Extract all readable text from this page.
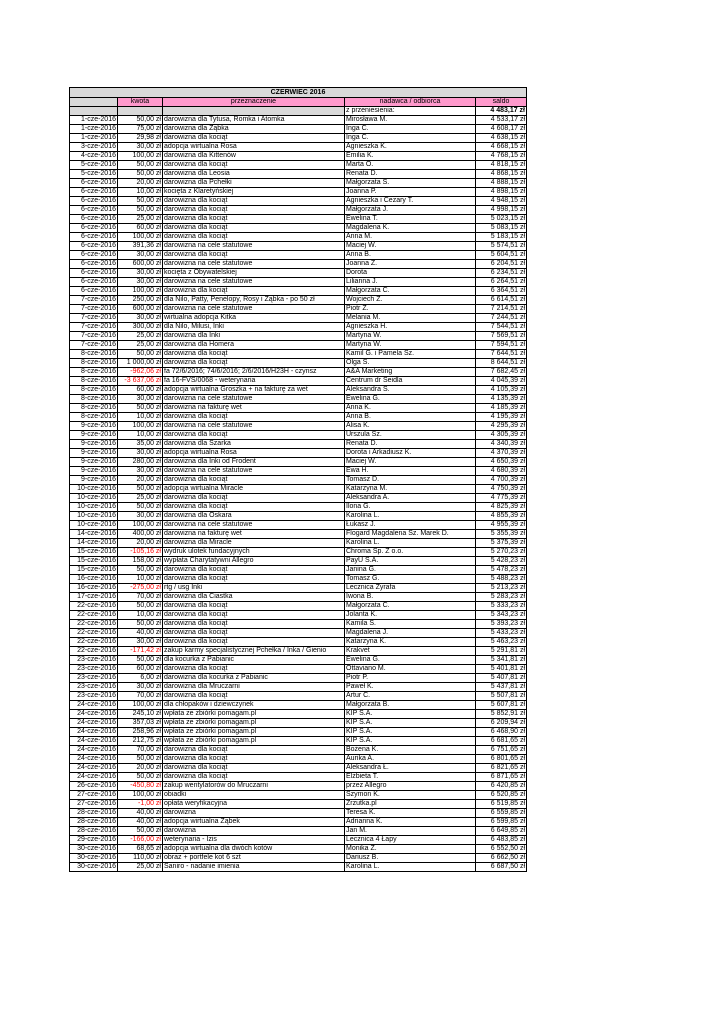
CZERWIEC 2016				
	kwota	przeznaczenie	nadawca / odbiorca	saldo
			z przeniesienia:	4 483,17 zł
1-cze-2016	50,00 zł	darowizna dla Tytusa, Romka i Atomka	Mirosława M.	4 533,17 zł
1-cze-2016	75,00 zł	darowizna dla Ząbka	Inga C.	4 608,17 zł
1-cze-2016	29,98 zł	darowizna dla kociąt	Inga C.	4 638,15 zł
3-cze-2016	30,00 zł	adopcja wirtualna Rosa	Agnieszka K.	4 668,15 zł
4-cze-2016	100,00 zł	darowizna dla Kittenów	Emilia K.	4 768,15 zł
5-cze-2016	50,00 zł	darowizna dla kociąt	Marta O.	4 818,15 zł
5-cze-2016	50,00 zł	darowizna dla Leosia	Renata D.	4 868,15 zł
6-cze-2016	20,00 zł	darowizna dla Pchełki	Małgorzata S.	4 888,15 zł
6-cze-2016	10,00 zł	kocięta z Klaretyńskiej	Joanna P.	4 898,15 zł
6-cze-2016	50,00 zł	darowizna dla kociąt	Agnieszka i Cezary T.	4 948,15 zł
6-cze-2016	50,00 zł	darowizna dla kociąt	Małgorzata J.	4 998,15 zł
6-cze-2016	25,00 zł	darowizna dla kociąt	Ewelina T.	5 023,15 zł
6-cze-2016	60,00 zł	darowizna dla kociąt	Magdalena K.	5 083,15 zł
6-cze-2016	100,00 zł	darowizna dla kociąt	Anna M.	5 183,15 zł
6-cze-2016	391,36 zł	darowizna na cele statutowe	Maciej W.	5 574,51 zł
6-cze-2016	30,00 zł	darowizna dla kociąt	Anna B.	5 604,51 zł
6-cze-2016	600,00 zł	darowizna na cele statutowe	Joanna Z.	6 204,51 zł
6-cze-2016	30,00 zł	kocięta z Obywatelskiej	Dorota	6 234,51 zł
6-cze-2016	30,00 zł	darowizna na cele statutowe	Lilianna J.	6 264,51 zł
6-cze-2016	100,00 zł	darowizna dla kociąt	Małgorzata C.	6 364,51 zł
7-cze-2016	250,00 zł	dla Nilo, Patty, Penelopy, Rosy i Ząbka - po 50 zł	Wojciech Z.	6 614,51 zł
7-cze-2016	600,00 zł	darowizna na cele statutowe	Piotr Z.	7 214,51 zł
7-cze-2016	30,00 zł	wirtualna adopcja Kitka	Melania M.	7 244,51 zł
7-cze-2016	300,00 zł	dla Nilo, Milusi, Inki	Agnieszka H.	7 544,51 zł
7-cze-2016	25,00 zł	darowizna dla Inki	Martyna W.	7 569,51 zł
7-cze-2016	25,00 zł	darowizna dla Homera	Martyna W.	7 594,51 zł
8-cze-2016	50,00 zł	darowizna dla kociąt	Kamil G. i Pamela Sz.	7 644,51 zł
8-cze-2016	1 000,00 zł	darowizna dla kociąt	Olga S.	8 644,51 zł
8-cze-2016	-962,06 zł	fa 72/6/2016; 74/6/2016; 2/6/2016/H23H - czynsz	A&A Marketing	7 682,45 zł
8-cze-2016	-3 637,06 zł	fa 16-FVS/0068 - weterynaria	Centrum dr Seidla	4 045,39 zł
8-cze-2016	60,00 zł	adopcja wirtualna Groszka + na fakturę za wet	Aleksandra S.	4 105,39 zł
8-cze-2016	30,00 zł	darowizna na cele statutowe	Ewelina G.	4 135,39 zł
8-cze-2016	50,00 zł	darowizna na fakturę wet	Anna K.	4 185,39 zł
8-cze-2016	10,00 zł	darowizna dla kociąt	Anna B.	4 195,39 zł
9-cze-2016	100,00 zł	darowizna na cele statutowe	Alisa K.	4 295,39 zł
9-cze-2016	10,00 zł	darowizna dla kociąt	Urszula Sz.	4 305,39 zł
9-cze-2016	35,00 zł	darowizna dla Szarka	Renata D.	4 340,39 zł
9-cze-2016	30,00 zł	adopcja wirtualna Rosa	Dorota i Arkadiusz K.	4 370,39 zł
9-cze-2016	280,00 zł	darowizna dla Inki od Frodent	Maciej W.	4 650,39 zł
9-cze-2016	30,00 zł	darowizna na cele statutowe	Ewa H.	4 680,39 zł
9-cze-2016	20,00 zł	darowizna dla kociąt	Tomasz D.	4 700,39 zł
10-cze-2016	50,00 zł	adopcja wirtualna Miracle	Katarzyna M.	4 750,39 zł
10-cze-2016	25,00 zł	darowizna dla kociąt	Aleksandra A.	4 775,39 zł
10-cze-2016	50,00 zł	darowizna dla kociąt	Ilona G.	4 825,39 zł
10-cze-2016	30,00 zł	darowizna dla Oskara	Karolina L.	4 855,39 zł
10-cze-2016	100,00 zł	darowizna na cele statutowe	Łukasz J.	4 955,39 zł
14-cze-2016	400,00 zł	darowizna na fakturę wet	Flogard Magdalena Sz. Marek D.	5 355,39 zł
14-cze-2016	20,00 zł	darowizna dla Miracle	Karolina L.	5 375,39 zł
15-cze-2016	-105,16 zł	wydruk ulotek fundacyjnych	Chroma Sp. Z o.o.	5 270,23 zł
15-cze-2016	158,00 zł	wypłata Charytatywni Allegro	PayU S.A.	5 428,23 zł
15-cze-2016	50,00 zł	darowizna dla kociąt	Janina G.	5 478,23 zł
16-cze-2016	10,00 zł	darowizna dla kociąt	Tomasz G.	5 488,23 zł
16-cze-2016	-275,00 zł	rtg / usg Inki	Lecznica Żyrafa	5 213,23 zł
17-cze-2016	70,00 zł	darowizna dla Ciastka	Iwona B.	5 283,23 zł
22-cze-2016	50,00 zł	darowizna dla kociąt	Małgorzata C.	5 333,23 zł
22-cze-2016	10,00 zł	darowizna dla kociąt	Jolanta K.	5 343,23 zł
22-cze-2016	50,00 zł	darowizna dla kociąt	Kamila S.	5 393,23 zł
22-cze-2016	40,00 zł	darowizna dla kociąt	Magdalena J.	5 433,23 zł
22-cze-2016	30,00 zł	darowizna dla kociąt	Katarzyna K.	5 463,23 zł
22-cze-2016	-171,42 zł	zakup karmy specjalistycznej Pchełka / Inka / Gienio	Krakvet	5 291,81 zł
23-cze-2016	50,00 zł	dla kocurka z Pabianic	Ewelina G.	5 341,81 zł
23-cze-2016	60,00 zł	darowizna dla kociąt	Ottaviano M.	5 401,81 zł
23-cze-2016	6,00 zł	darowizna dla kocurka z Pabianic	Piotr P.	5 407,81 zł
23-cze-2016	30,00 zł	darowizna dla Mruczarni	Paweł K.	5 437,81 zł
23-cze-2016	70,00 zł	darowizna dla kociąt	Artur C.	5 507,81 zł
24-cze-2016	100,00 zł	dla chłopaków i dziewczynek	Małgorzata B.	5 607,81 zł
24-cze-2016	245,10 zł	wpłata ze zbiórki pomagam.pl	KIP S.A.	5 852,91 zł
24-cze-2016	357,03 zł	wpłata ze zbiórki pomagam.pl	KIP S.A.	6 209,94 zł
24-cze-2016	258,96 zł	wpłata ze zbiórki pomagam.pl	KIP S.A.	6 468,90 zł
24-cze-2016	212,75 zł	wpłata ze zbiórki pomagam.pl	KIP S.A.	6 681,65 zł
24-cze-2016	70,00 zł	darowizna dla kociąt	Bożena K.	6 751,65 zł
24-cze-2016	50,00 zł	darowizna dla kociąt	Aurika A.	6 801,65 zł
24-cze-2016	20,00 zł	darowizna dla kociąt	Aleksandra Ł.	6 821,65 zł
24-cze-2016	50,00 zł	darowizna dla kociąt	Elżbieta T.	6 871,65 zł
26-cze-2016	-450,80 zł	zakup wentylatorów do Mruczarni	przez Allegro	6 420,85 zł
27-cze-2016	100,00 zł	obiadki	Szymon K.	6 520,85 zł
27-cze-2016	-1,00 zł	opłata weryfikacyjna	Zrzutka.pl	6 519,85 zł
28-cze-2016	40,00 zł	darowizna	Teresa K.	6 559,85 zł
28-cze-2016	40,00 zł	adopcja wirtualna Ząbek	Adrianna K.	6 599,85 zł
28-cze-2016	50,00 zł	darowizna	Jan M.	6 649,85 zł
29-cze-2016	-166,00 zł	weterynaria - Izis	Lecznica 4 Łapy	6 483,85 zł
30-cze-2016	68,65 zł	adopcja wirtualna dla dwóch kotów	Monika Z.	6 552,50 zł
30-cze-2016	110,00 zł	obraz + portfele kot 6 szt	Dariusz B.	6 662,50 zł
30-cze-2016	25,00 zł	Saniro - nadanie imienia	Karolina L.	6 687,50 zł
